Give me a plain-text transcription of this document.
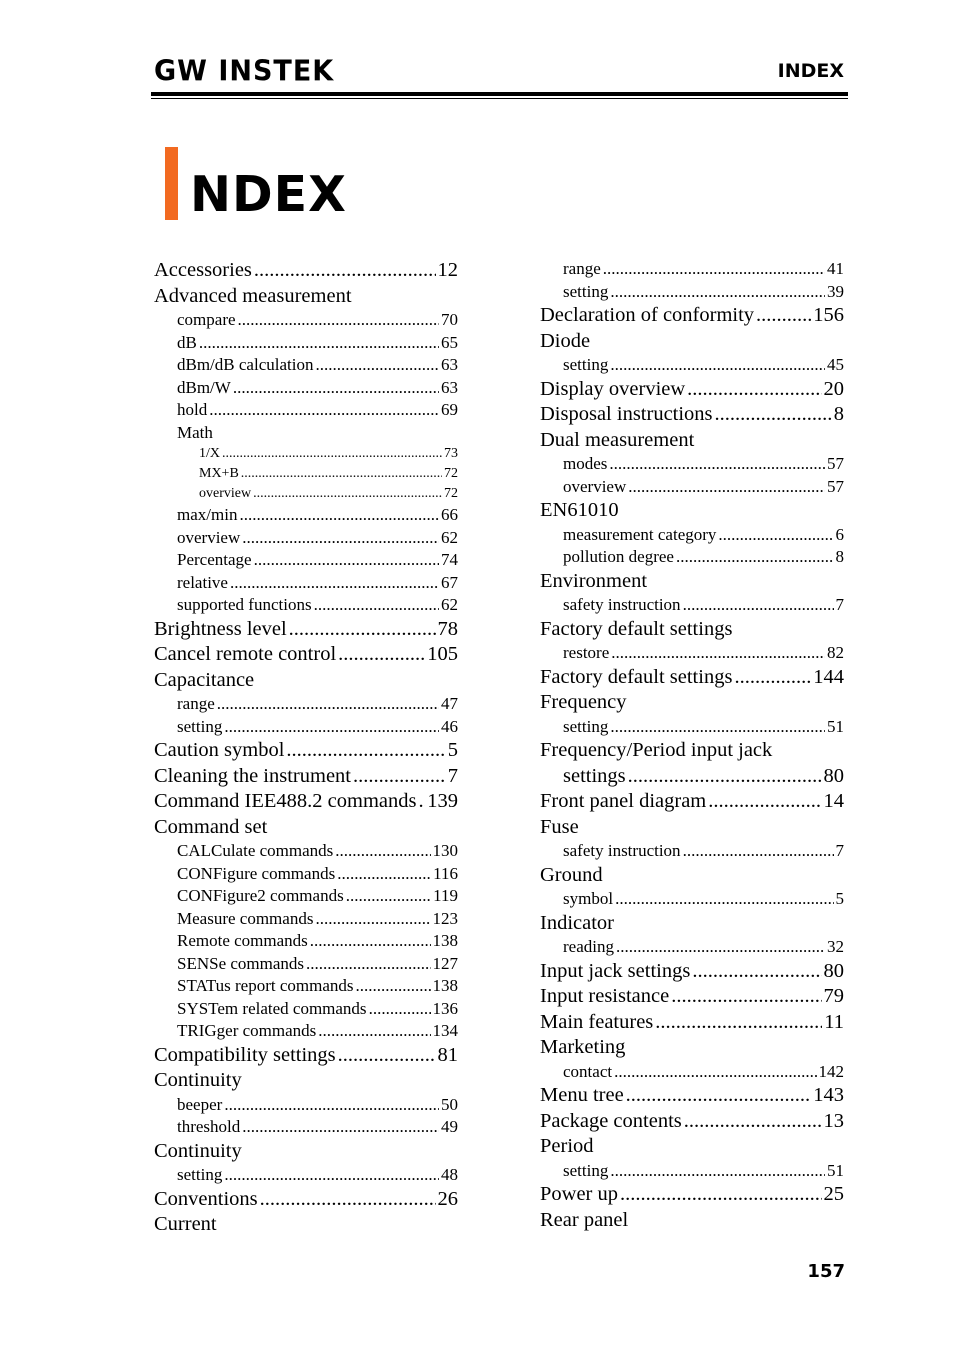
GW INSTEK	INDEX
NDEX
Accessories .....	12
Advanced measurement
compare .....	70
dB .....	65
dBm/dB calculation .....	63
dBm/W .....	63
hold .....	69
Math
1/X .....	73
MX+B .....	72
overview .....	72
max/min .....	66
overview .....	62
Percentage .....	74
relative .....	67
supported functions .....	62
Brightness level .....	78
Cancel remote control .....	105
Capacitance
range .....	47
setting .....	46
Caution symbol .....	5
Cleaning the instrument .....	7
Command IEE488.2 commands ..... 139
Command set
CALCulate commands .....	130
CONFigure commands .....	116
CONFigure2 commands .....	119
Measure commands .....	123
Remote commands .....	138
SENSe commands .....	127
STATus report commands .....	138
SYSTem related commands .....	136
TRIGger commands .....	134
Compatibility settings .....	81
Continuity
beeper .....	50
threshold .....	49
Continuity
setting .....	48
Conventions .....	26
Current
range .....	41
setting .....	39
Declaration of conformity .....	156
Diode
setting .....	45
Display overview .....	20
Disposal instructions .....	8
Dual measurement
modes .....	57
overview .....	57
EN61010
measurement category .....	6
pollution degree .....	8
Environment
safety instruction .....	7
Factory default settings
restore .....	82
Factory default settings .....	144
Frequency
setting .....	51
Frequency/Period input jack
settings .....	80
Front panel diagram .....	14
Fuse
safety instruction .....	7
Ground
symbol .....	5
Indicator
reading .....	32
Input jack settings .....	80
Input resistance .....	79
Main features .....	11
Marketing
contact .....	142
Menu tree .....	143
Package contents .....	13
Period
setting .....	51
Power up .....	25
Rear panel
157
